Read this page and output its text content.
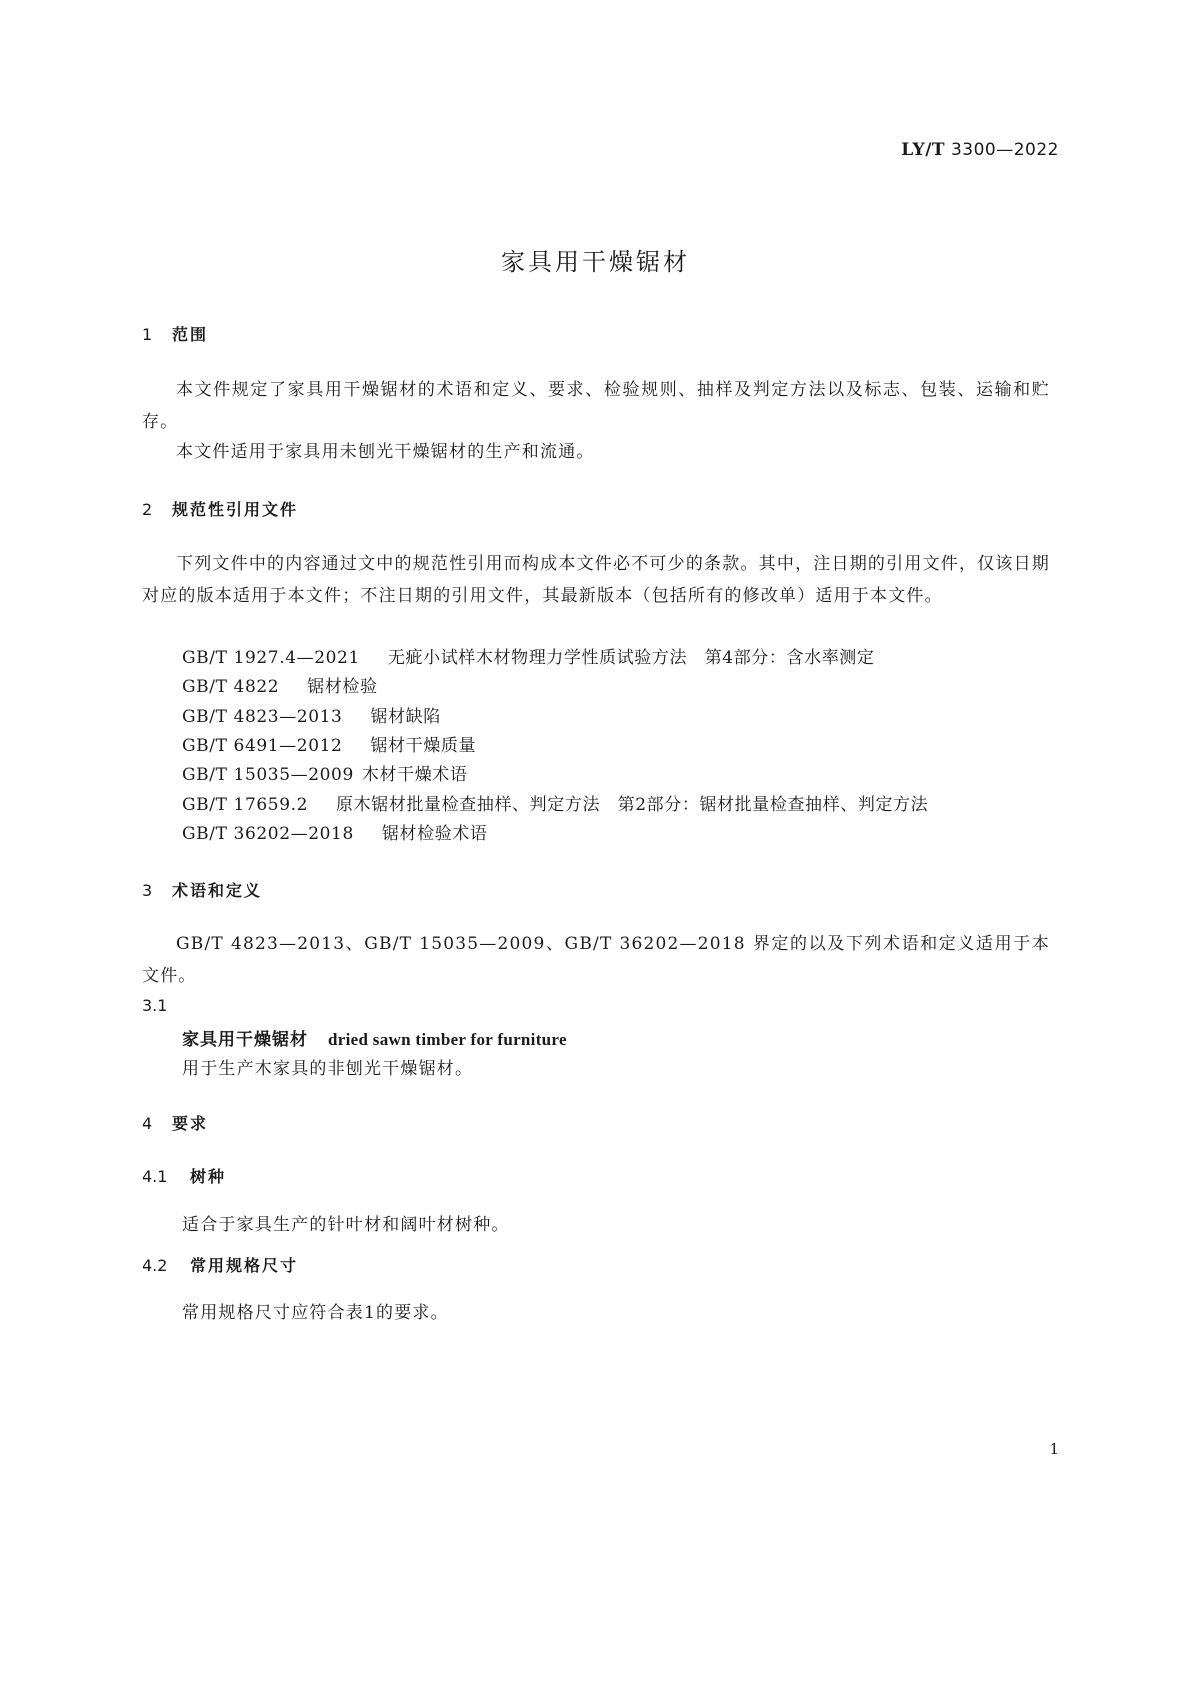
LY/T 3300—2022
家具用干燥锯材
1 范围

本文件规定了家具用干燥锯材的术语和定义、要求、检验规则、抽样及判定方法以及标志、包装、运输和贮存。

本文件适用于家具用未刨光干燥锯材的生产和流通。

2 规范性引用文件

下列文件中的内容通过文中的规范性引用而构成本文件必不可少的条款。其中，注日期的引用文件，仅该日期对应的版本适用于本文件；不注日期的引用文件，其最新版本（包括所有的修改单）适用于本文件。

GB/T 1927.4—2021 无疵小试样木材物理力学性质试验方法　第4部分：含水率测定
GB/T 4822 锯材检验
GB/T 4823—2013 锯材缺陷
GB/T 6491—2012 锯材干燥质量
GB/T 15035—2009 木材干燥术语
GB/T 17659.2 原木锯材批量检查抽样、判定方法　第2部分：锯材批量检查抽样、判定方法
GB/T 36202—2018 锯材检验术语
3 术语和定义

GB/T 4823—2013、GB/T 15035—2009、GB/T 36202—2018 界定的以及下列术语和定义适用于本文件。

3.1
家具用干燥锯材 dried sawn timber for furniture
用于生产木家具的非刨光干燥锯材。
4 要求
4.1 树种
适合于家具生产的针叶材和阔叶材树种。
4.2 常用规格尺寸
常用规格尺寸应符合表1的要求。
1
